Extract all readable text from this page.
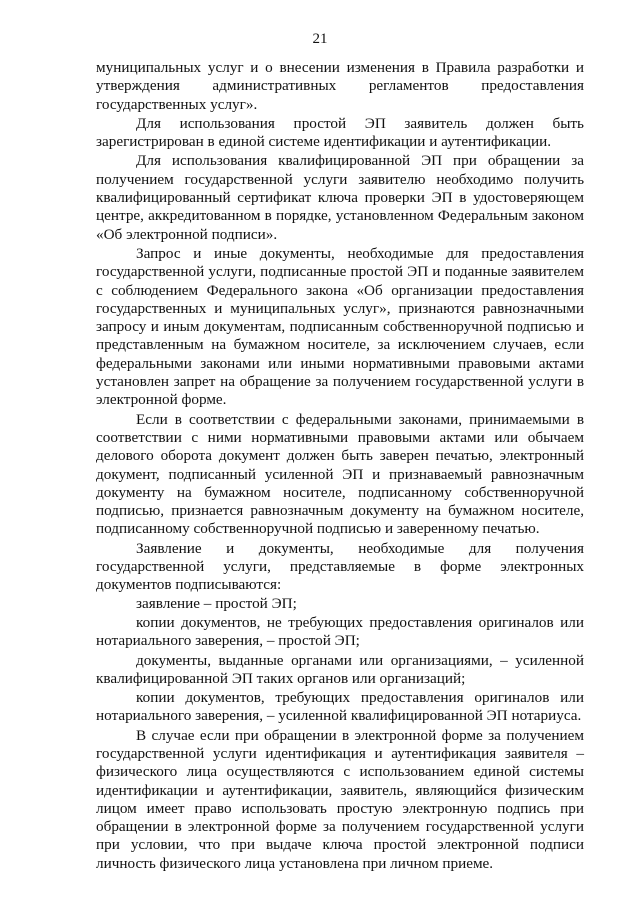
21

муниципальных услуг и о внесении изменения в Правила разработки и утверждения административных регламентов предоставления государственных услуг».

Для использования простой ЭП заявитель должен быть зарегистрирован в единой системе идентификации и аутентификации.

Для использования квалифицированной ЭП при обращении за получением государственной услуги заявителю необходимо получить квалифицированный сертификат ключа проверки ЭП в удостоверяющем центре, аккредитованном в порядке, установленном Федеральным законом «Об электронной подписи».

Запрос и иные документы, необходимые для предоставления государственной услуги, подписанные простой ЭП и поданные заявителем с соблюдением Федерального закона «Об организации предоставления государственных и муниципальных услуг», признаются равнозначными запросу и иным документам, подписанным собственноручной подписью и представленным на бумажном носителе, за исключением случаев, если федеральными законами или иными нормативными правовыми актами установлен запрет на обращение за получением государственной услуги в электронной форме.

Если в соответствии с федеральными законами, принимаемыми в соответствии с ними нормативными правовыми актами или обычаем делового оборота документ должен быть заверен печатью, электронный документ, подписанный усиленной ЭП и признаваемый равнозначным документу на бумажном носителе, подписанному собственноручной подписью, признается равнозначным документу на бумажном носителе, подписанному собственноручной подписью и заверенному печатью.

Заявление и документы, необходимые для получения государственной услуги, представляемые в форме электронных документов подписываются:

заявление – простой ЭП;

копии документов, не требующих предоставления оригиналов или нотариального заверения, – простой ЭП;

документы, выданные органами или организациями, – усиленной квалифицированной ЭП таких органов или организаций;

копии документов, требующих предоставления оригиналов или нотариального заверения, – усиленной квалифицированной ЭП нотариуса.

В случае если при обращении в электронной форме за получением государственной услуги идентификация и аутентификация заявителя – физического лица осуществляются с использованием единой системы идентификации и аутентификации, заявитель, являющийся физическим лицом имеет право использовать простую электронную подпись при обращении в электронной форме за получением государственной услуги при условии, что при выдаче ключа простой электронной подписи личность физического лица установлена при личном приеме.
